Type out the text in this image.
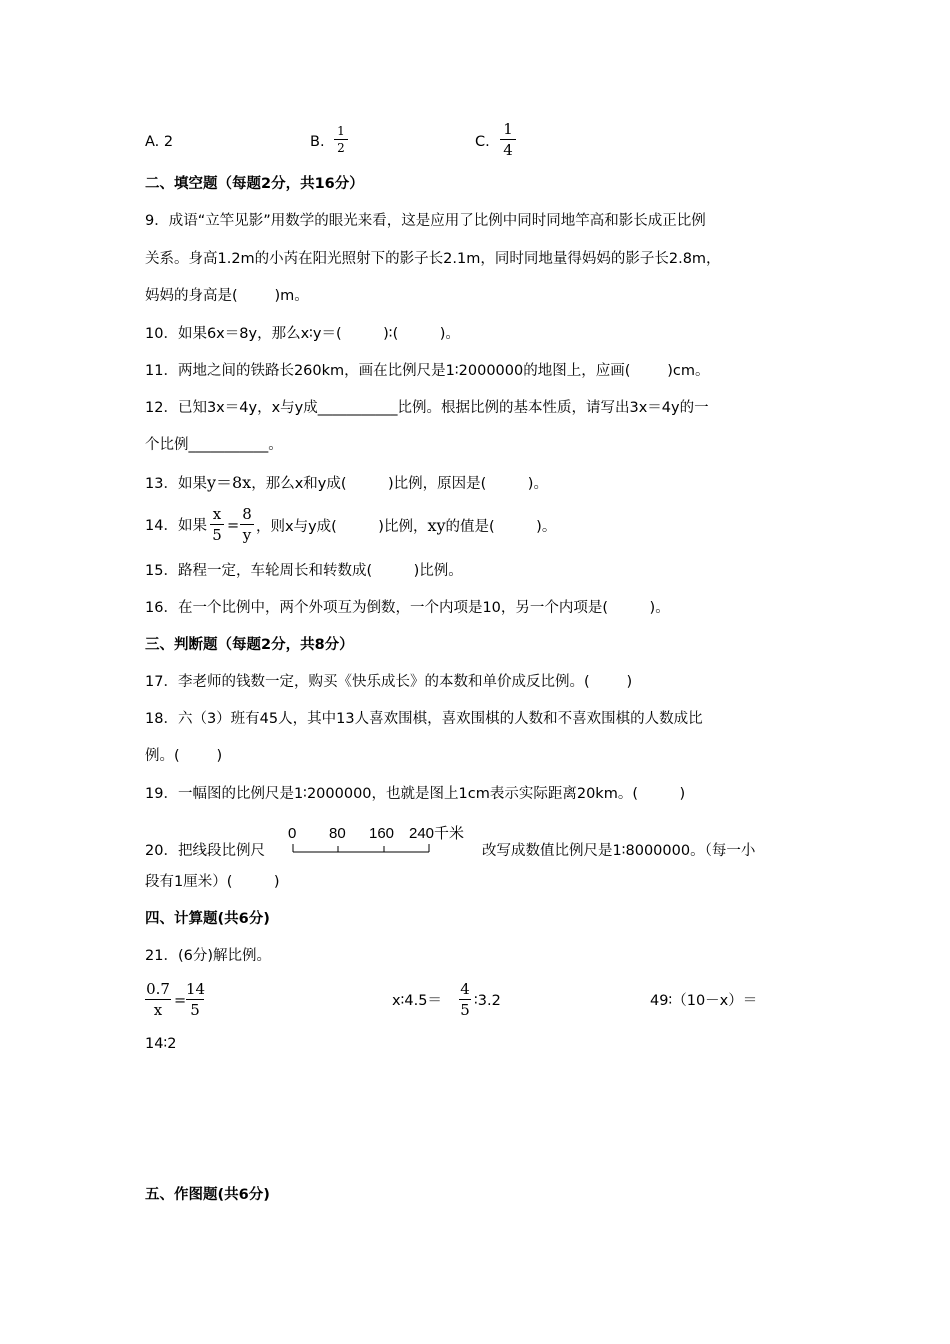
A. 2	B.
1
2	C.
1
4
二、填空题（每题2分，共16分）
9．成语“立竿见影”用数学的眼光来看，这是应用了比例中同时同地竿高和影长成正比例
关系。身高1.2m的小芮在阳光照射下的影子长2.1m，同时同地量得妈妈的影子长2.8m，
妈妈的身高是(        )m。
10．如果6x＝8y，那么x∶y＝(         )∶(         )。
11．两地之间的铁路长260km，画在比例尺是1∶2000000的地图上，应画(        )cm。
12．已知3x＝4y，x与y成___________比例。根据比例的基本性质，请写出3x＝4y的一
个比例___________。
13．如果y＝8x，那么x和y成(         )比例，原因是(         )。
14．如果
x
5 =
8
y ，则x与y成(         )比例，xy的值是(         )。
15．路程一定，车轮周长和转数成(         )比例。
16．在一个比例中，两个外项互为倒数，一个内项是10，另一个内项是(         )。
三、判断题（每题2分，共8分）
17．李老师的钱数一定，购买《快乐成长》的本数和单价成反比例。(        )
18．六（3）班有45人，其中13人喜欢围棋，喜欢围棋的人数和不喜欢围棋的人数成比
例。(        )
19．一幅图的比例尺是1∶2000000，也就是图上1cm表示实际距离20km。(         )
20．把线段比例尺
0 80 160 240千米
改写成数值比例尺是1∶8000000。（每一小
段有1厘米）(         )
四、计算题(共6分)
21．(6分)解比例。
0.7
x =
14
5	x∶4.5＝
4
5 ∶3.2	49∶（10－x）＝
14∶2
五、作图题(共6分)
